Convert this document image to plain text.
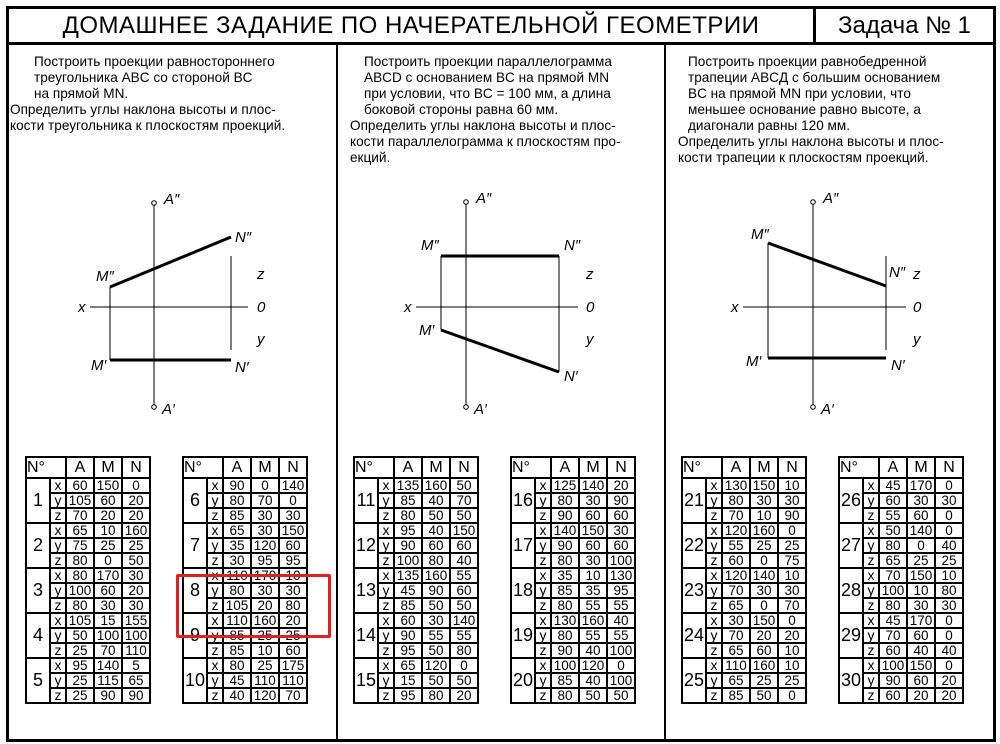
ДОМАШНЕЕ ЗАДАНИЕ ПО НАЧЕРАТЕЛЬНОЙ ГЕОМЕТРИИ	Задача № 1

Построить проекции равностороннего

треугольника ABC со стороной BC

на прямой MN.

Определить углы наклона высоты и плос-

кости треугольника к плоскостям проекций.

Построить проекции параллелограмма

ABCD с основанием BC на прямой MN

при условии, что BC = 100 мм, а длина

боковой стороны равна 60 мм.

Определить углы наклона высоты и плос-

кости параллелограмма к плоскостям про-

екций.

Построить проекции равнобедренной

трапеции ABCД с большим основанием

BC на прямой MN при условии, что

меньшее основание равно высоте, а

диагонали равны 120 мм.

Определить углы наклона высоты и плос-

кости трапеции к плоскостям проекций.

A″
A′
M″
M′
N″
N′
x
z
0
y
A″
A′
M″
M′
N″
N′
x
z
0
y
A″
A′
M″
M′
N″
N′
x
z
0
y
N°		A	M	N
1	x	60	150	0
	y	105	60	20
	z	70	20	20
2	x	65	10	160
	y	75	25	25
	z	80	0	50
3	x	80	170	30
	y	100	60	20
	z	80	30	30
4	x	105	15	155
	y	50	100	100
	z	25	70	110
5	x	95	140	5
	y	25	115	65
	z	25	90	90
N°		A	M	N
6	x	90	0	140
	y	80	70	0
	z	85	30	30
7	x	65	30	150
	y	35	120	60
	z	30	95	95
8	x	110	170	10
	y	80	30	30
	z	105	20	80
9	x	110	160	20
	y	85	25	25
	z	85	10	60
10	x	80	25	175
	y	45	110	110
	z	40	120	70
N°		A	M	N
11	x	135	160	50
	y	85	40	70
	z	80	50	50
12	x	95	40	150
	y	90	60	60
	z	100	80	40
13	x	135	160	55
	y	45	90	60
	z	85	50	50
14	x	60	30	140
	y	90	55	55
	z	95	50	80
15	x	65	120	0
	y	15	50	50
	z	95	80	20
N°		A	M	N
16	x	125	140	20
	y	80	30	90
	z	90	60	60
17	x	140	150	30
	y	90	60	60
	z	80	30	100
18	x	35	10	130
	y	85	35	95
	z	80	55	55
19	x	130	160	40
	y	80	55	55
	z	90	40	100
20	x	100	120	0
	y	85	40	100
	z	80	50	50
N°		A	M	N
21	x	130	150	10
	y	80	30	30
	z	70	10	90
22	x	120	160	0
	y	55	25	25
	z	60	0	75
23	x	120	140	10
	y	70	30	30
	z	65	0	70
24	x	30	150	0
	y	70	20	20
	z	65	60	10
25	x	110	160	10
	y	65	25	25
	z	85	50	0
N°		A	M	N
26	x	45	170	0
	y	60	30	30
	z	55	60	0
27	x	50	140	0
	y	80	0	40
	z	65	25	25
28	x	70	150	10
	y	100	10	80
	z	80	30	30
29	x	45	170	0
	y	70	60	0
	z	60	40	40
30	x	100	150	0
	y	90	60	20
	z	60	20	20
